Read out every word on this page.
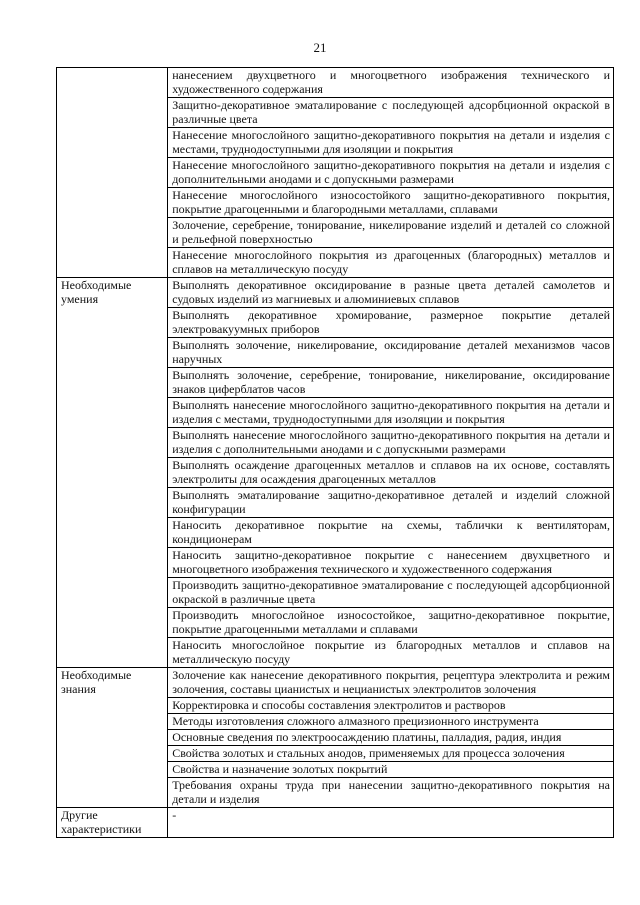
21
	нанесением двухцветного и многоцветного изображения технического и художественного содержания
	Защитно-декоративное эматалирование с последующей адсорбционной окраской в различные цвета
	Нанесение многослойного защитно-декоративного покрытия на детали и изделия с местами, труднодоступными для изоляции и покрытия
	Нанесение многослойного защитно-декоративного покрытия на детали и изделия с дополнительными анодами и с допускными размерами
	Нанесение многослойного износостойкого защитно-декоративного покрытия, покрытие драгоценными и благородными металлами, сплавами
	Золочение, серебрение, тонирование, никелирование изделий и деталей со сложной и рельефной поверхностью
	Нанесение многослойного покрытия из драгоценных (благородных) металлов и сплавов на металлическую посуду
Необходимые умения	Выполнять декоративное оксидирование в разные цвета деталей самолетов и судовых изделий из магниевых и алюминиевых сплавов
	Выполнять декоративное хромирование, размерное покрытие деталей электровакуумных приборов
	Выполнять золочение, никелирование, оксидирование деталей механизмов часов наручных
	Выполнять золочение, серебрение, тонирование, никелирование, оксидирование знаков циферблатов часов
	Выполнять нанесение многослойного защитно-декоративного покрытия на детали и изделия с местами, труднодоступными для изоляции и покрытия
	Выполнять нанесение многослойного защитно-декоративного покрытия на детали и изделия с дополнительными анодами и с допускными размерами
	Выполнять осаждение драгоценных металлов и сплавов на их основе, составлять электролиты для осаждения драгоценных металлов
	Выполнять эматалирование защитно-декоративное деталей и изделий сложной конфигурации
	Наносить декоративное покрытие на схемы, таблички к вентиляторам, кондиционерам
	Наносить защитно-декоративное покрытие с нанесением двухцветного и многоцветного изображения технического и художественного содержания
	Производить защитно-декоративное эматалирование с последующей адсорбционной окраской в различные цвета
	Производить многослойное износостойкое, защитно-декоративное покрытие, покрытие драгоценными металлами и сплавами
	Наносить многослойное покрытие из благородных металлов и сплавов на металлическую посуду
Необходимые знания	Золочение как нанесение декоративного покрытия, рецептура электролита и режим золочения, составы цианистых и нецианистых электролитов золочения
	Корректировка и способы составления электролитов и растворов
	Методы изготовления сложного алмазного прецизионного инструмента
	Основные сведения по электроосаждению платины, палладия, радия, индия
	Свойства золотых и стальных анодов, применяемых для процесса золочения
	Свойства и назначение золотых покрытий
	Требования охраны труда при нанесении защитно-декоративного покрытия на детали и изделия
Другие характеристики	-
